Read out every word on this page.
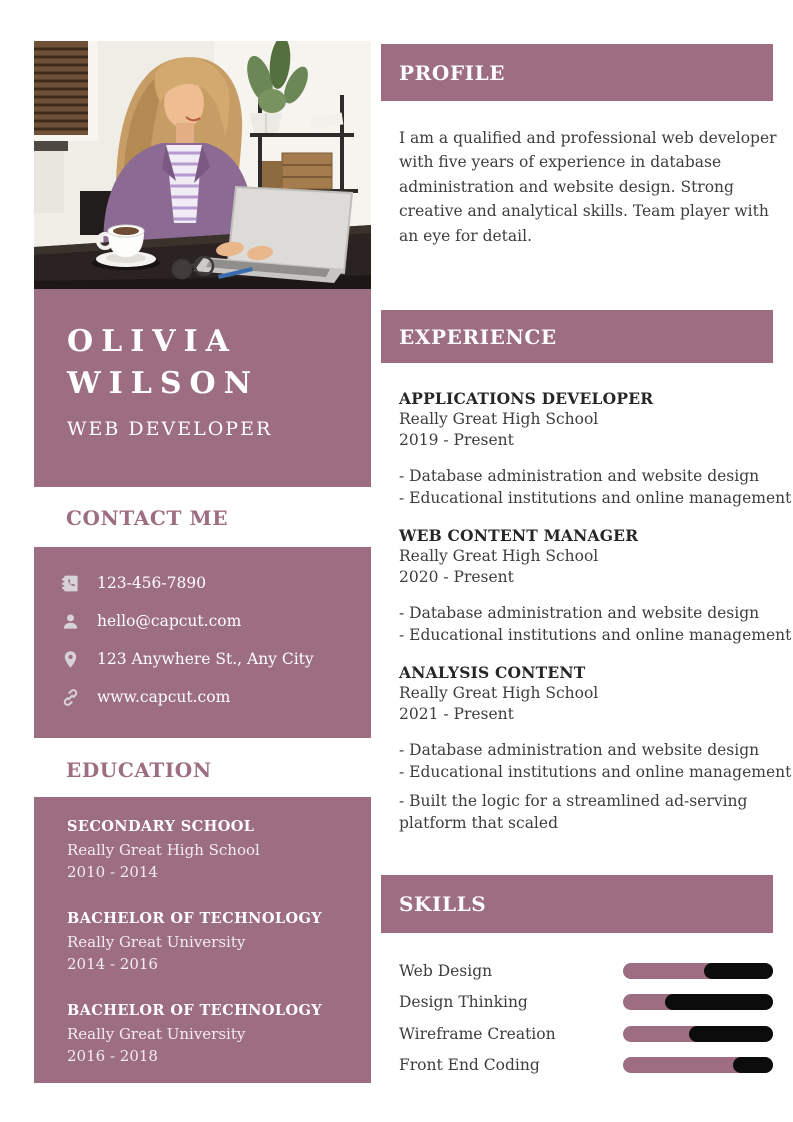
OLIVIA
WILSON
WEB DEVELOPER
CONTACT ME
123-456-7890
hello@capcut.com
123 Anywhere St., Any City
www.capcut.com
EDUCATION
SECONDARY SCHOOL
Really Great High School
2010 - 2014
BACHELOR OF TECHNOLOGY
Really Great University
2014 - 2016
BACHELOR OF TECHNOLOGY
Really Great University
2016 - 2018
PROFILE
I am a qualified and professional web developer with five years of experience in database administration and website design. Strong creative and analytical skills. Team player with an eye for detail.
EXPERIENCE
APPLICATIONS DEVELOPER
Really Great High School
2019 - Present
- Database administration and website design
- Educational institutions and online management
WEB CONTENT MANAGER
Really Great High School
2020 - Present
- Database administration and website design
- Educational institutions and online management
ANALYSIS CONTENT
Really Great High School
2021 - Present
- Database administration and website design
- Educational institutions and online management
- Built the logic for a streamlined ad-serving platform that scaled
SKILLS
Web Design
Design Thinking
Wireframe Creation
Front End Coding
